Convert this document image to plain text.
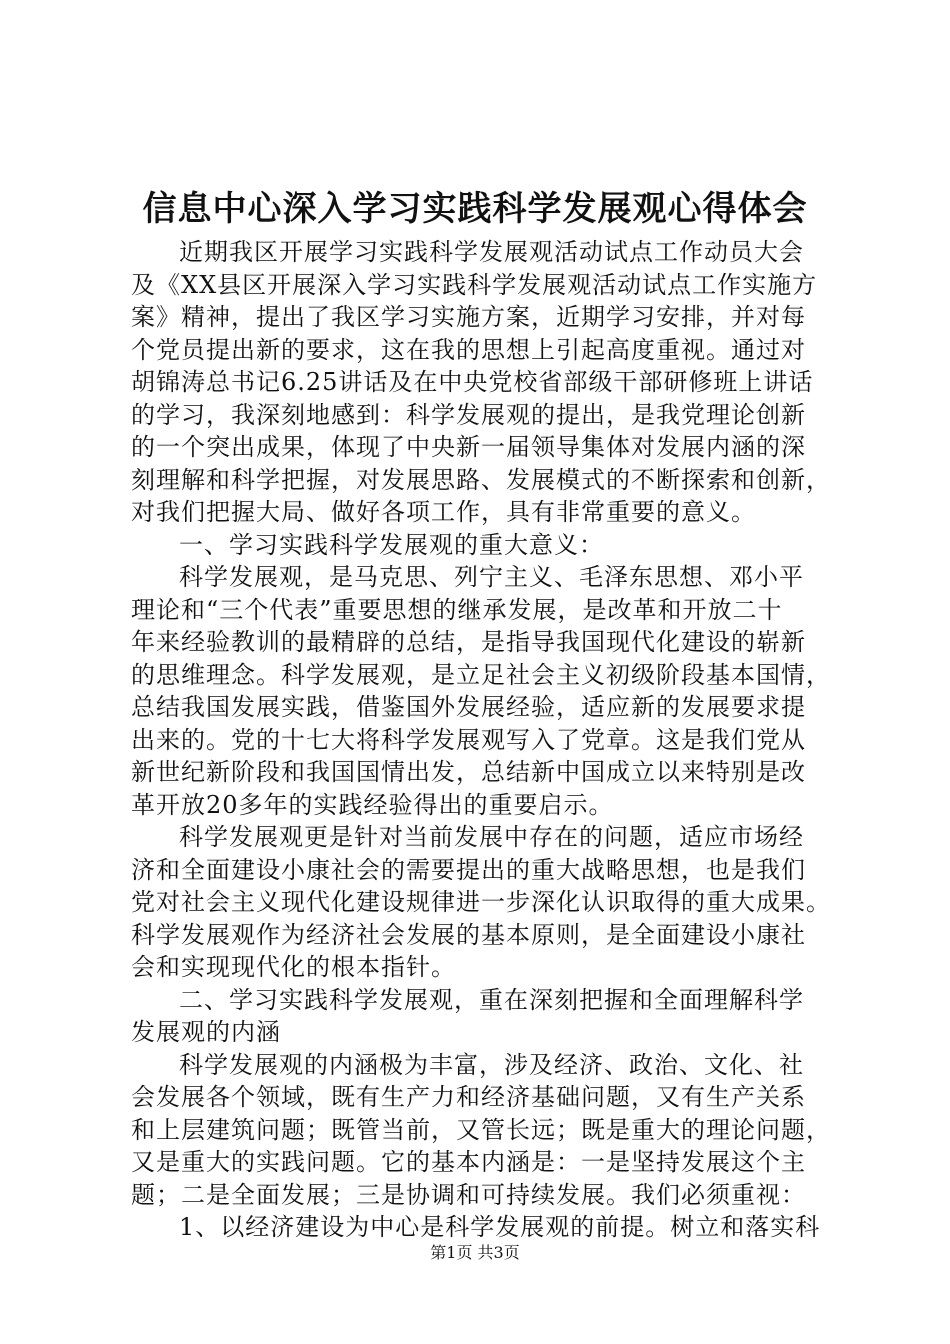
信息中心深入学习实践科学发展观心得体会
近期我区开展学习实践科学发展观活动试点工作动员大会
及《XX县区开展深入学习实践科学发展观活动试点工作实施方
案》精神，提出了我区学习实施方案，近期学习安排，并对每
个党员提出新的要求，这在我的思想上引起高度重视。通过对
胡锦涛总书记6.25讲话及在中央党校省部级干部研修班上讲话
的学习，我深刻地感到：科学发展观的提出，是我党理论创新
的一个突出成果，体现了中央新一届领导集体对发展内涵的深
刻理解和科学把握，对发展思路、发展模式的不断探索和创新，
对我们把握大局、做好各项工作，具有非常重要的意义。
一、学习实践科学发展观的重大意义：
科学发展观，是马克思、列宁主义、毛泽东思想、邓小平
理论和“三个代表”重要思想的继承发展，是改革和开放二十
年来经验教训的最精辟的总结，是指导我国现代化建设的崭新
的思维理念。科学发展观，是立足社会主义初级阶段基本国情，
总结我国发展实践，借鉴国外发展经验，适应新的发展要求提
出来的。党的十七大将科学发展观写入了党章。这是我们党从
新世纪新阶段和我国国情出发，总结新中国成立以来特别是改
革开放20多年的实践经验得出的重要启示。
科学发展观更是针对当前发展中存在的问题，适应市场经
济和全面建设小康社会的需要提出的重大战略思想，也是我们
党对社会主义现代化建设规律进一步深化认识取得的重大成果。
科学发展观作为经济社会发展的基本原则，是全面建设小康社
会和实现现代化的根本指针。
二、学习实践科学发展观，重在深刻把握和全面理解科学
发展观的内涵
科学发展观的内涵极为丰富，涉及经济、政治、文化、社
会发展各个领域，既有生产力和经济基础问题，又有生产关系
和上层建筑问题；既管当前，又管长远；既是重大的理论问题，
又是重大的实践问题。它的基本内涵是：一是坚持发展这个主
题；二是全面发展；三是协调和可持续发展。我们必须重视：
1、以经济建设为中心是科学发展观的前提。树立和落实科
第1页 共3页
